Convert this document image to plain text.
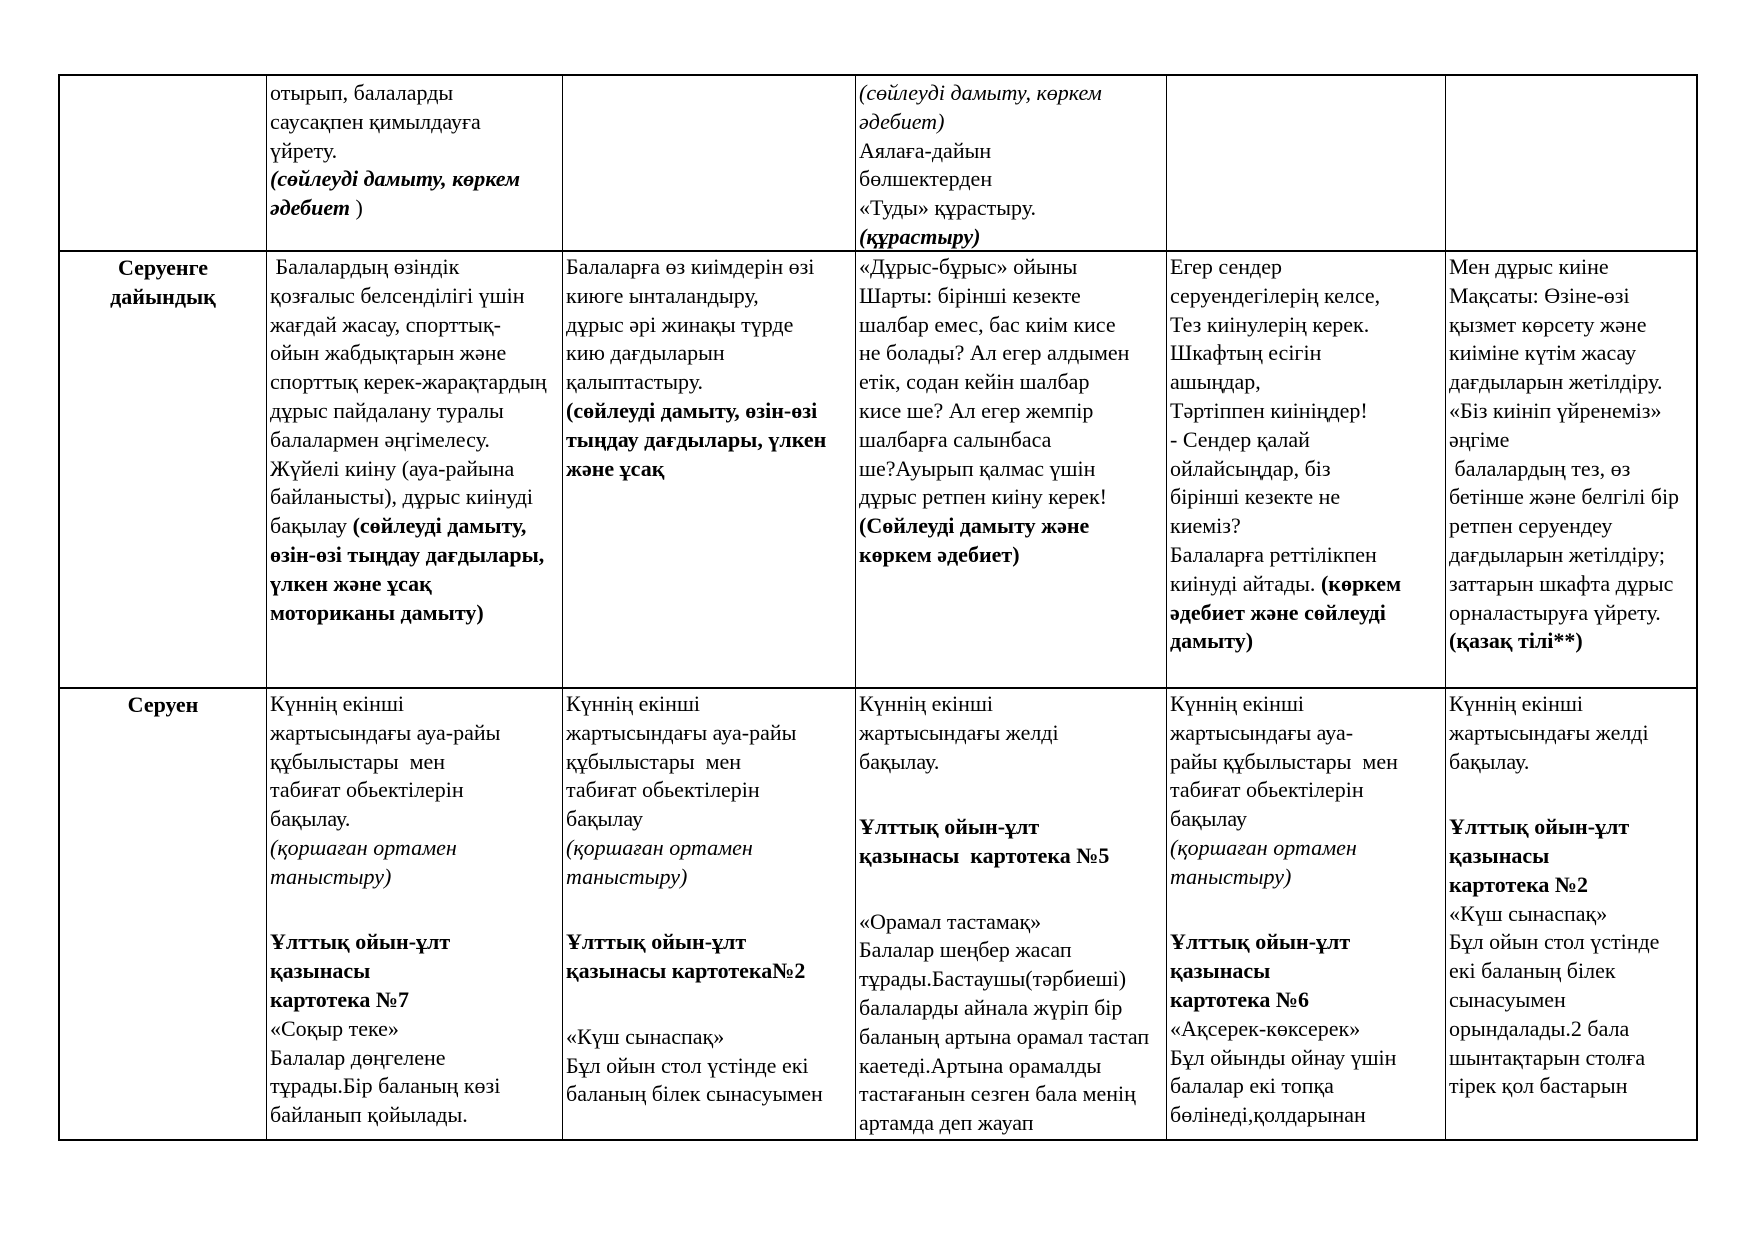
отырып, балаларды
саусақпен қимылдауға
үйрету.
(сөйлеуді дамыту, көркем
әдебиет )
(сөйлеуді дамыту, көркем
әдебиет)
Аялаға-дайын
бөлшектерден
«Туды» құрастыру.
(құрастыру)
Серуенге
дайындық
Балалардың өзіндік
қозғалыс белсенділігі үшін
жағдай жасау, спорттық-
ойын жабдықтарын және
спорттық керек-жарақтардың
дұрыс пайдалану туралы
балалармен әңгімелесу.
Жүйелі киіну (ауа-райына
байланысты), дұрыс киінуді
бақылау (сөйлеуді дамыту,
өзін-өзі тыңдау дағдылары,
үлкен және ұсақ
моториканы дамыту)
Балаларға өз киімдерін өзі
киюге ынталандыру,
дұрыс әрі жинақы түрде
кию дағдыларын
қалыптастыру.
(сөйлеуді дамыту, өзін-өзі
тыңдау дағдылары, үлкен
және ұсақ
«Дұрыс-бұрыс» ойыны
Шарты: бірінші кезекте
шалбар емес, бас киім кисе
не болады? Ал егер алдымен
етік, содан кейін шалбар
кисе ше? Ал егер жемпір
шалбарға салынбаса
ше?Ауырып қалмас үшін
дұрыс ретпен киіну керек!
(Сөйлеуді дамыту және
көркем әдебиет)
Егер сендер
серуендегілерің келсе,
Тез киінулерің керек.
Шкафтың есігін
ашыңдар,
Тәртіппен киініңдер!
- Сендер қалай
ойлайсыңдар, біз
бірінші кезекте не
киеміз?
Балаларға реттілікпен
киінуді айтады. (көркем
әдебиет және сөйлеуді
дамыту)
Мен дұрыс киіне
Мақсаты: Өзіне-өзі
қызмет көрсету және
киіміне күтім жасау
дағдыларын жетілдіру.
«Біз киініп үйренеміз»
әңгіме
балалардың тез, өз
бетінше және белгілі бір
ретпен серуендеу
дағдыларын жетілдіру;
заттарын шкафта дұрыс
орналастыруға үйрету.
(қазақ тілі**)
Серуен	Күннің екінші
жартысындағы ауа-райы
құбылыстары  мен
табиғат обьектілерін
бақылау.
(қоршаған ортамен
таныстыру)

Ұлттық ойын-ұлт
қазынасы
картотека №7
«Соқыр теке»
Балалар дөңгелене
тұрады.Бір баланың көзі
байланып қойылады.
Күннің екінші
жартысындағы ауа-райы
құбылыстары  мен
табиғат обьектілерін
бақылау
(қоршаған ортамен
таныстыру)

Ұлттық ойын-ұлт
қазынасы картотека№2

«Күш сынаспақ»
Бұл ойын стол үстінде екі
баланың білек сынасуымен
Күннің екінші
жартысындағы желді
бақылау.

Ұлттық ойын-ұлт
қазынасы  картотека №5

«Орамал тастамақ»
Балалар шеңбер жасап
тұрады.Бастаушы(тәрбиеші)
балаларды айнала жүріп бір
баланың артына орамал тастап
каетеді.Артына орамалды
тастағанын сезген бала менің
артамда деп жауап
Күннің екінші
жартысындағы ауа-
райы құбылыстары  мен
табиғат обьектілерін
бақылау
(қоршаған ортамен
таныстыру)

Ұлттық ойын-ұлт
қазынасы
картотека №6
«Ақсерек-көксерек»
Бұл ойынды ойнау үшін
балалар екі топқа
бөлінеді,қолдарынан
Күннің екінші
жартысындағы желді
бақылау.

Ұлттық ойын-ұлт
қазынасы
картотека №2
«Күш сынаспақ»
Бұл ойын стол үстінде
екі баланың білек
сынасуымен
орындалады.2 бала
шынтақтарын столға
тірек қол бастарын
